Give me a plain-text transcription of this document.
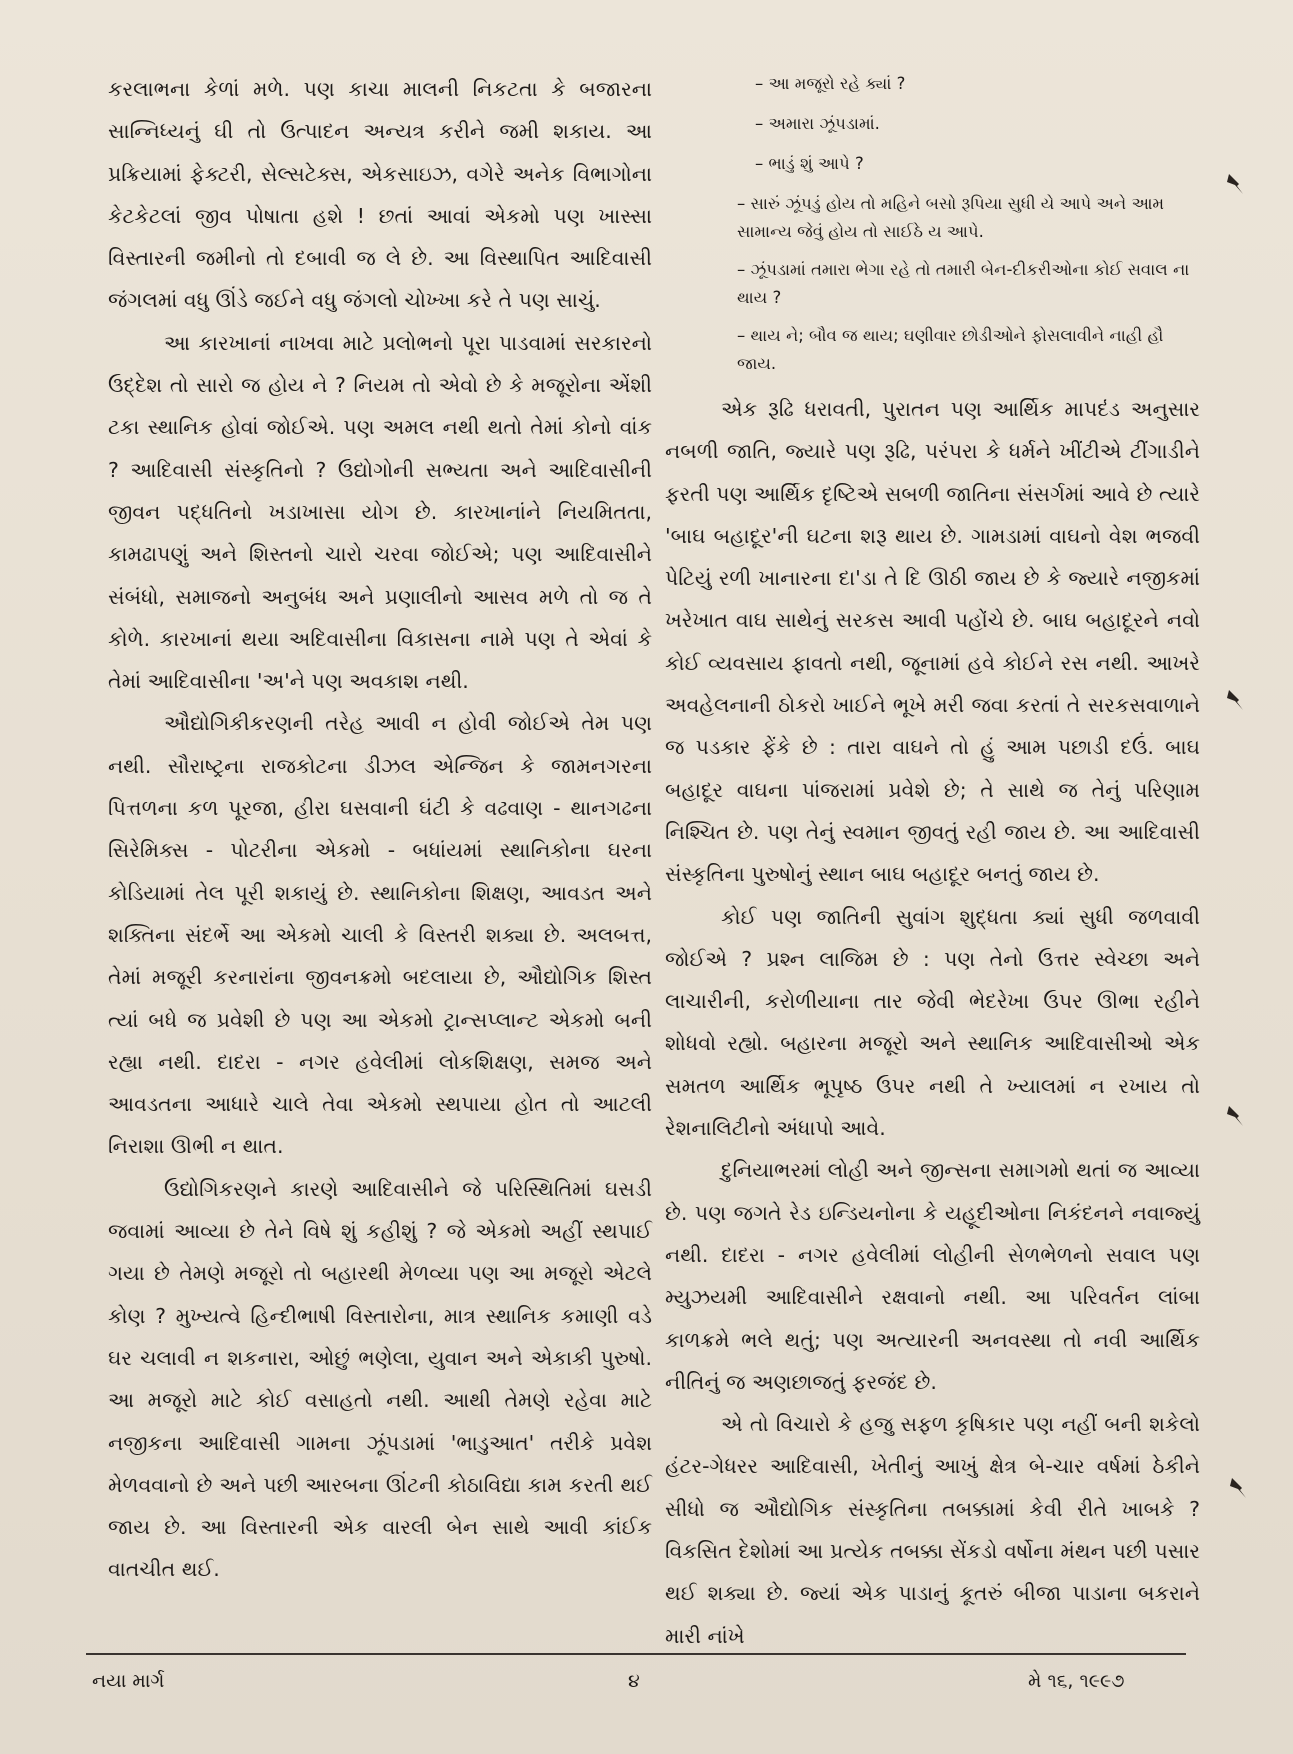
કરલાભના કેળાં મળે. પણ કાચા માલની નિકટતા કે બજારના સાન્નિધ્યનું ઘી તો ઉત્પાદન અન્યત્ર કરીને જમી શકાય. આ પ્રક્રિયામાં ફેક્ટરી, સેલ્સટેક્સ, એકસાઇઝ, વગેરે અનેક વિભાગોના કેટકેટલાં જીવ પોષાતા હશે ! છતાં આવાં એકમો પણ ખાસ્સા વિસ્તારની જમીનો તો દબાવી જ લે છે. આ વિસ્થાપિત આદિવાસી જંગલમાં વધુ ઊંડે જઈને વધુ જંગલો ચોખ્ખા કરે તે પણ સાચું.

આ કારખાનાં નાખવા માટે પ્રલોભનો પૂરા પાડવામાં સરકારનો ઉદ્દેશ તો સારો જ હોય ને ? નિયમ તો એવો છે કે મજૂરોના એંશી ટકા સ્થાનિક હોવાં જોઈએ. પણ અમલ નથી થતો તેમાં કોનો વાંક ? આદિવાસી સંસ્કૃતિનો ? ઉદ્યોગોની સભ્યતા અને આદિવાસીની જીવન પદ્ધતિનો ખડાખાસા યોગ છે. કારખાનાંને નિયમિતતા, કામઢાપણું અને શિસ્તનો ચારો ચરવા જોઈએ; પણ આદિવાસીને સંબંધો, સમાજનો અનુબંધ અને પ્રણાલીનો આસવ મળે તો જ તે કોળે. કારખાનાં થયા અદિવાસીના વિકાસના નામે પણ તે એવાં કે તેમાં આદિવાસીના 'અ'ને પણ અવકાશ નથી.

ઔદ્યોગિકીકરણની તરેહ આવી ન હોવી જોઈએ તેમ પણ નથી. સૌરાષ્ટ્રના રાજકોટના ડીઝલ એન્જિન કે જામનગરના પિત્તળના કળ પૂરજા, હીરા ઘસવાની ઘંટી કે વઢવાણ - થાનગઢના સિરેમિક્સ - પોટરીના એકમો - બધાંયમાં સ્થાનિકોના ઘરના કોડિયામાં તેલ પૂરી શકાયું છે. સ્થાનિકોના શિક્ષણ, આવડત અને શક્તિના સંદર્ભે આ એકમો ચાલી કે વિસ્તરી શક્યા છે. અલબત્ત, તેમાં મજૂરી કરનારાંના જીવનક્રમો બદલાયા છે, ઔદ્યોગિક શિસ્ત ત્યાં બધે જ પ્રવેશી છે પણ આ એકમો ટ્રાન્સપ્લાન્ટ એકમો બની રહ્યા નથી. દાદરા - નગર હવેલીમાં લોકશિક્ષણ, સમજ અને આવડતના આધારે ચાલે તેવા એકમો સ્થપાયા હોત તો આટલી નિરાશા ઊભી ન થાત.

ઉદ્યોગિકરણને કારણે આદિવાસીને જે પરિસ્થિતિમાં ઘસડી જવામાં આવ્યા છે તેને વિષે શું કહીશું ? જે એકમો અહીં સ્થપાઈ ગયા છે તેમણે મજૂરો તો બહારથી મેળવ્યા પણ આ મજૂરો એટલે કોણ ? મુખ્યત્વે હિન્દીભાષી વિસ્તારોના, માત્ર સ્થાનિક કમાણી વડે ઘર ચલાવી ન શકનારા, ઓછું ભણેલા, યુવાન અને એકાકી પુરુષો. આ મજૂરો માટે કોઈ વસાહતો નથી. આથી તેમણે રહેવા માટે નજીકના આદિવાસી ગામના ઝૂંપડામાં 'ભાડુઆત' તરીકે પ્રવેશ મેળવવાનો છે અને પછી આરબના ઊંટની કોઠાવિદ્યા કામ કરતી થઈ જાય છે. આ વિસ્તારની એક વારલી બેન સાથે આવી કાંઈક વાતચીત થઈ.

– આ મજૂરો રહે ક્યાં ?

– અમારા ઝૂંપડામાં.

– ભાડું શું આપે ?

– સારું ઝૂંપડું હોય તો મહિને બસો રૂપિયા સુધી યે આપે અને આમ સામાન્ય જેવું હોય તો સાઈઠે ય આપે.

– ઝૂંપડામાં તમારા ભેગા રહે તો તમારી બેન-દીકરીઓના કોઈ સવાલ ના થાય ?

– થાય ને; બૌવ જ થાય; ઘણીવાર છોડીઓને ફોસલાવીને નાહી હૌ જાય.

એક રૂઢિ ધરાવતી, પુરાતન પણ આર્થિક માપદંડ અનુસાર નબળી જાતિ, જ્યારે પણ રૂઢિ, પરંપરા કે ધર્મને ખીંટીએ ટીંગાડીને ફરતી પણ આર્થિક દૃષ્ટિએ સબળી જાતિના સંસર્ગમાં આવે છે ત્યારે 'બાઘ બહાદૂર'ની ઘટના શરૂ થાય છે. ગામડામાં વાઘનો વેશ ભજવી પેટિયું રળી ખાનારના દા'ડા તે દિ ઊઠી જાય છે કે જ્યારે નજીકમાં ખરેખાત વાઘ સાથેનું સરકસ આવી પહોંચે છે. બાઘ બહાદૂરને નવો કોઈ વ્યવસાય ફાવતો નથી, જૂનામાં હવે કોઈને રસ નથી. આખરે અવહેલનાની ઠોકરો ખાઈને ભૂખે મરી જવા કરતાં તે સરકસવાળાને જ પડકાર ફેંકે છે : તારા વાઘને તો હું આમ પછાડી દઉં. બાઘ બહાદૂર વાઘના પાંજરામાં પ્રવેશે છે; તે સાથે જ તેનું પરિણામ નિશ્ચિત છે. પણ તેનું સ્વમાન જીવતું રહી જાય છે. આ આદિવાસી સંસ્કૃતિના પુરુષોનું સ્થાન બાઘ બહાદૂર બનતું જાય છે.

કોઈ પણ જાતિની સુવાંગ શુદ્ધતા ક્યાં સુધી જળવાવી જોઈએ ? પ્રશ્ન લાજિમ છે : પણ તેનો ઉત્તર સ્વેચ્છા અને લાચારીની, કરોળીયાના તાર જેવી ભેદરેખા ઉપર ઊભા રહીને શોધવો રહ્યો. બહારના મજૂરો અને સ્થાનિક આદિવાસીઓ એક સમતળ આર્થિક ભૂપૃષ્ઠ ઉપર નથી તે ખ્યાલમાં ન રખાય તો રેશનાલિટીનો અંધાપો આવે.

દુનિયાભરમાં લોહી અને જીન્સના સમાગમો થતાં જ આવ્યા છે. પણ જગતે રેડ ઇન્ડિયનોના કે યહૂદીઓના નિકંદનને નવાજ્યું નથી. દાદરા - નગર હવેલીમાં લોહીની સેળભેળનો સવાલ પણ મ્યુઝયમી આદિવાસીને રક્ષવાનો નથી. આ પરિવર્તન લાંબા કાળક્રમે ભલે થતું; પણ અત્યારની અનવસ્થા તો નવી આર્થિક નીતિનું જ અણછાજતું ફરજંદ છે.

એ તો વિચારો કે હજુ સફળ કૃષિકાર પણ નહીં બની શકેલો હંટર-ગેધરર આદિવાસી, ખેતીનું આખું ક્ષેત્ર બે-ચાર વર્ષમાં ઠેકીને સીધો જ ઔદ્યોગિક સંસ્કૃતિના તબક્કામાં કેવી રીતે ખાબકે ? વિકસિત દેશોમાં આ પ્રત્યેક તબક્કા સેંકડો વર્ષોના મંથન પછી પસાર થઈ શક્યા છે. જ્યાં એક પાડાનું કૂતરું બીજા પાડાના બકરાને મારી નાંખે

નયા માર્ગ	૪	મે ૧૬, ૧૯૯૭
